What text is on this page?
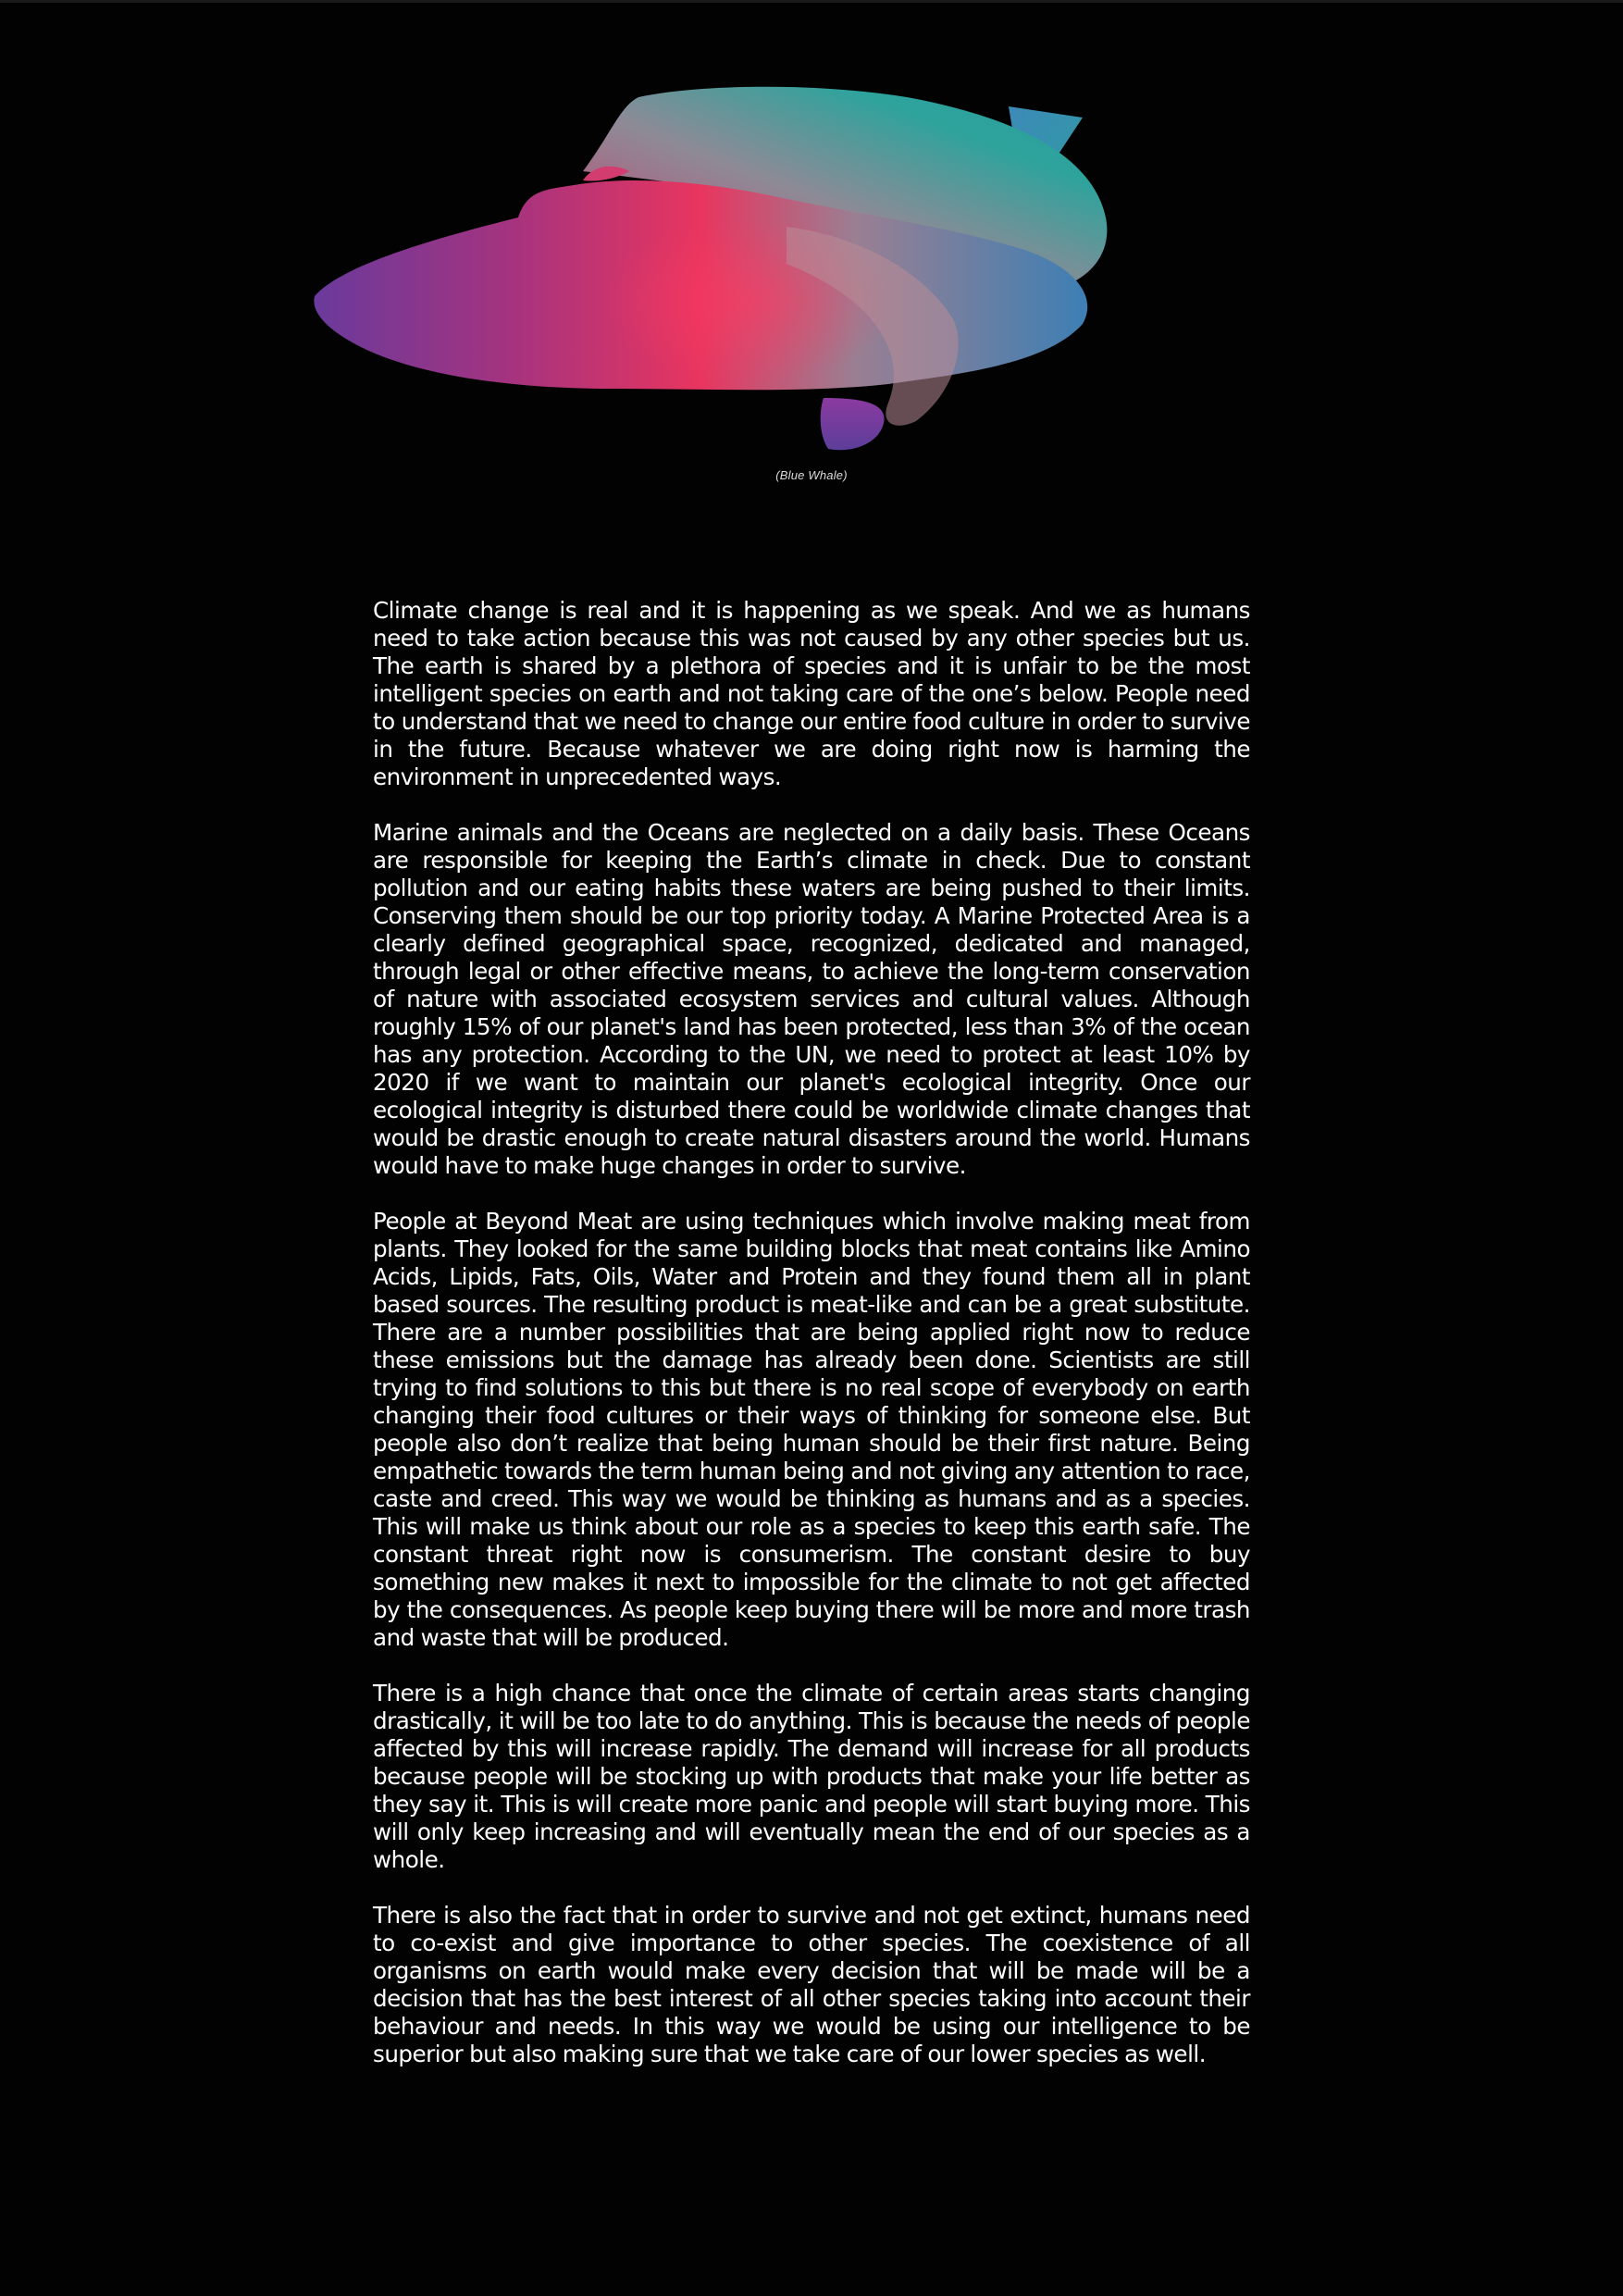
(Blue Whale)

Climate change is real and it is happening as we speak. And we as humans need to take action because this was not caused by any other species but us. The earth is shared by a plethora of species and it is unfair to be the most intelligent species on earth and not taking care of the one’s below. People need to understand that we need to change our entire food culture in order to survive in the future. Because whatever we are doing right now is harming the environment in unprecedented ways.

Marine animals and the Oceans are neglected on a daily basis. These Oceans are responsible for keeping the Earth’s climate in check. Due to constant pollution and our eating habits these waters are being pushed to their limits. Conserving them should be our top priority today. A Marine Protected Area is a clearly defined geographical space, recognized, dedicated and managed, through legal or other effective means, to achieve the long-term conservation of nature with associated ecosystem services and cultural values. Although roughly 15% of our planet's land has been protected, less than 3% of the ocean has any protection. According to the UN, we need to protect at least 10% by 2020 if we want to maintain our planet's ecological integrity. Once our ecological integrity is disturbed there could be worldwide climate changes that would be drastic enough to create natural disasters around the world. Humans would have to make huge changes in order to survive.

People at Beyond Meat are using techniques which involve making meat from plants. They looked for the same building blocks that meat contains like Amino Acids, Lipids, Fats, Oils, Water and Protein and they found them all in plant based sources. The resulting product is meat-like and can be a great substitute. There are a number possibilities that are being applied right now to reduce these emissions but the damage has already been done. Scientists are still trying to find solutions to this but there is no real scope of everybody on earth changing their food cultures or their ways of thinking for someone else. But people also don’t realize that being human should be their first nature. Being empathetic towards the term human being and not giving any attention to race, caste and creed. This way we would be thinking as humans and as a species. This will make us think about our role as a species to keep this earth safe. The constant threat right now is consumerism. The constant desire to buy something new makes it next to impossible for the climate to not get affected by the consequences. As people keep buying there will be more and more trash and waste that will be produced.

There is a high chance that once the climate of certain areas starts changing drastically, it will be too late to do anything. This is because the needs of people affected by this will increase rapidly. The demand will increase for all products because people will be stocking up with products that make your life better as they say it. This is will create more panic and people will start buying more. This will only keep increasing and will eventually mean the end of our species as a whole.

There is also the fact that in order to survive and not get extinct, humans need to co-exist and give importance to other species. The coexistence of all organisms on earth would make every decision that will be made will be a decision that has the best interest of all other species taking into account their behaviour and needs. In this way we would be using our intelligence to be superior but also making sure that we take care of our lower species as well.
